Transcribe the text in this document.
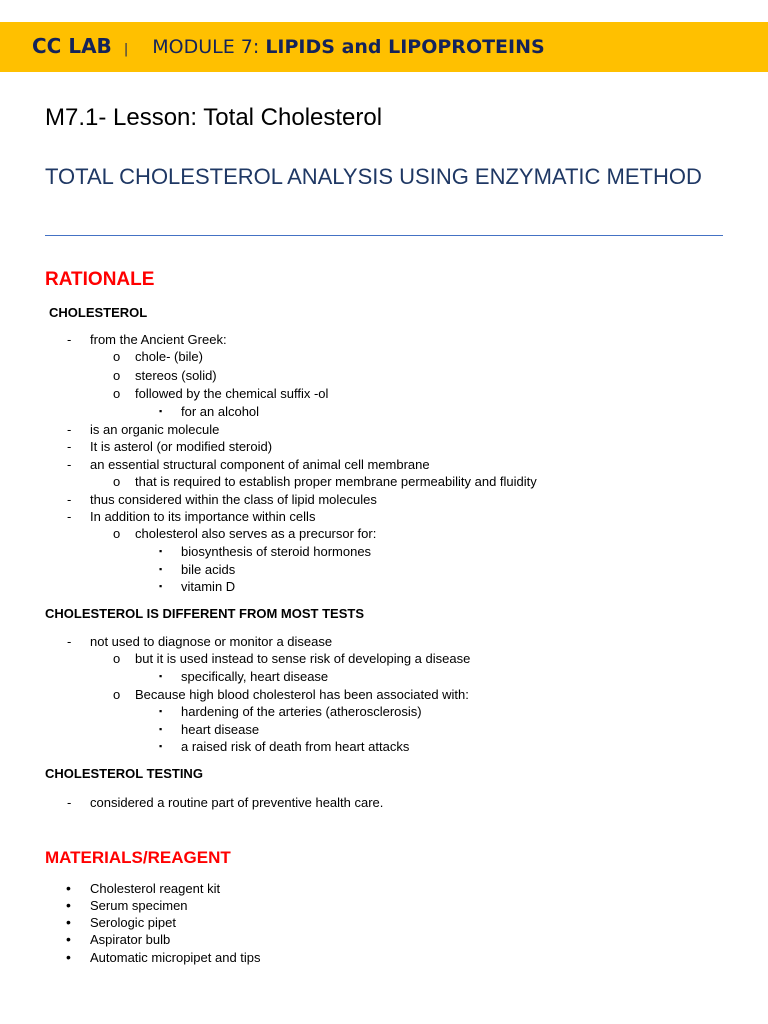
CC LAB | MODULE 7: LIPIDS and LIPOPROTEINS
M7.1- Lesson: Total Cholesterol
TOTAL CHOLESTEROL ANALYSIS USING ENZYMATIC METHOD
RATIONALE
CHOLESTEROL
- from the Ancient Greek:
o chole- (bile)
o stereos (solid)
o followed by the chemical suffix -ol
▪ for an alcohol
- is an organic molecule
- It is asterol (or modified steroid)
- an essential structural component of animal cell membrane
o that is required to establish proper membrane permeability and fluidity
- thus considered within the class of lipid molecules
- In addition to its importance within cells
o cholesterol also serves as a precursor for:
▪ biosynthesis of steroid hormones
▪ bile acids
▪ vitamin D
CHOLESTEROL IS DIFFERENT FROM MOST TESTS
- not used to diagnose or monitor a disease
o but it is used instead to sense risk of developing a disease
▪ specifically, heart disease
o Because high blood cholesterol has been associated with:
▪ hardening of the arteries (atherosclerosis)
▪ heart disease
▪ a raised risk of death from heart attacks
CHOLESTEROL TESTING
- considered a routine part of preventive health care.
MATERIALS/REAGENT
• Cholesterol reagent kit
• Serum specimen
• Serologic pipet
• Aspirator bulb
• Automatic micropipet and tips
